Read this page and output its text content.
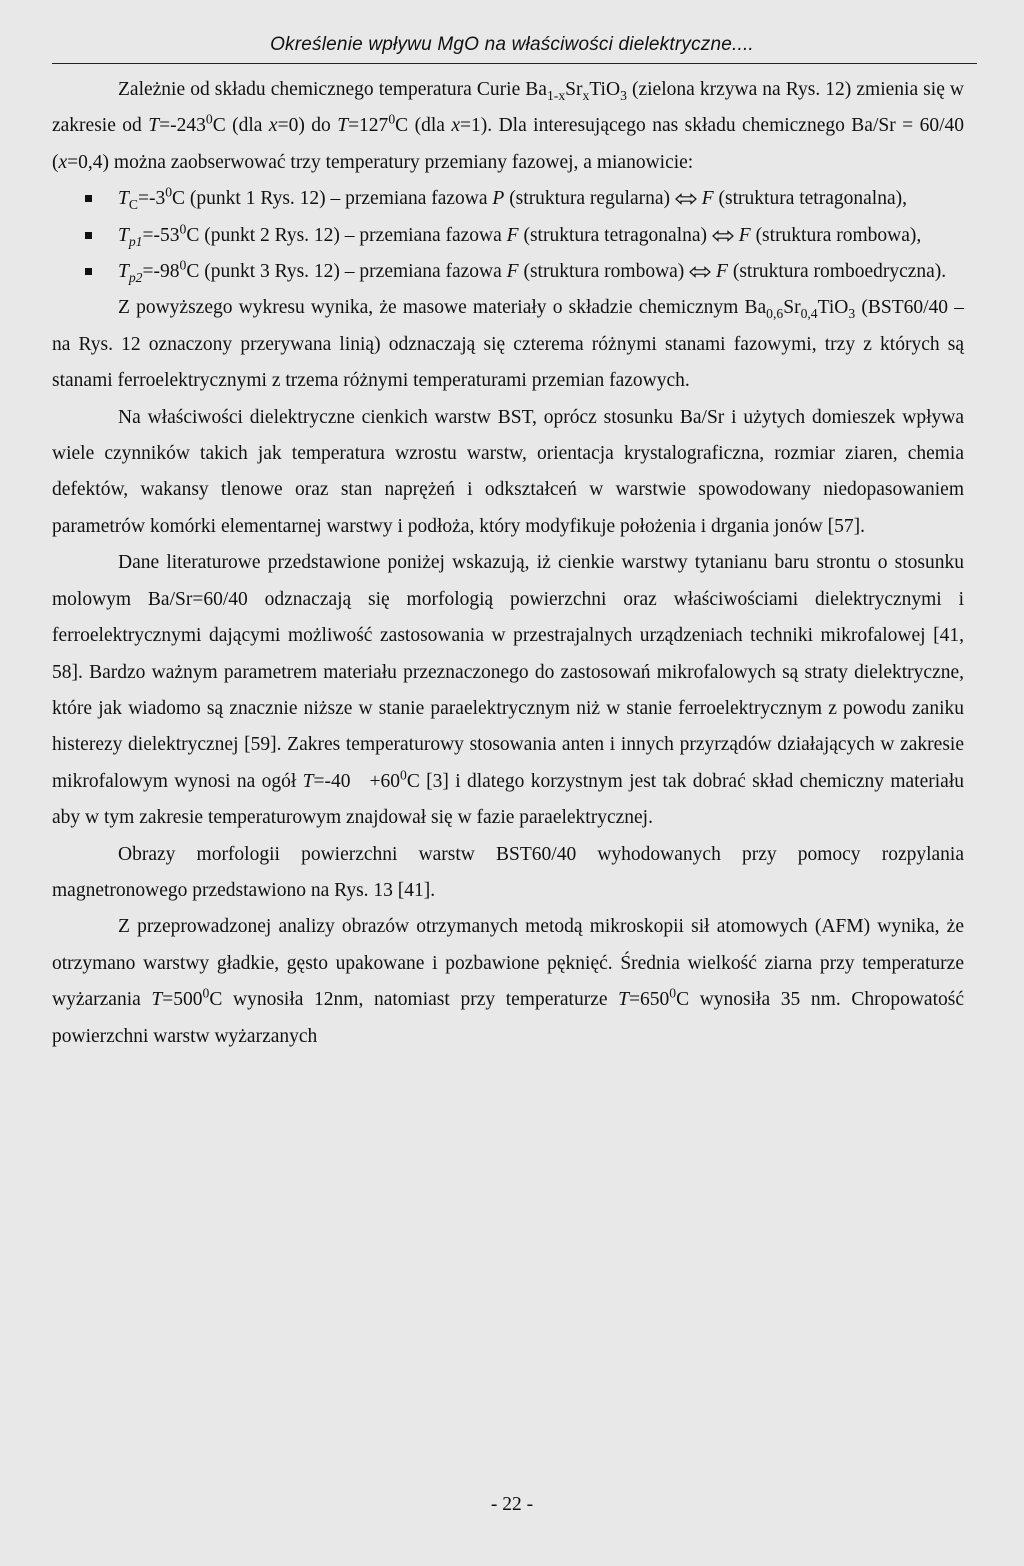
Określenie wpływu MgO na właściwości dielektryczne....

Zależnie od składu chemicznego temperatura Curie $Ba_{1-x}Sr_xTiO_3$ (zielona krzywa na Rys. 12) zmienia się w zakresie od $T=-243^0C$ (dla x=0) do $T=127^0C$ (dla x=1). Dla interesującego nas składu chemicznego Ba/Sr = 60/40 (x=0,4) można zaobserwować trzy temperatury przemiany fazowej, a mianowicie:

$T_C=-3^0C$ (punkt 1 Rys. 12) – przemiana fazowa P (struktura regularna)  F (struktura tetragonalna),
$T_{p1}=-53^0C$ (punkt 2 Rys. 12) – przemiana fazowa F (struktura tetragonalna)  F (struktura rombowa),
$T_{p2}=-98^0C$ (punkt 3 Rys. 12) – przemiana fazowa F (struktura rombowa)  F (struktura romboedryczna).

Z powyższego wykresu wynika, że masowe materiały o składzie chemicznym $Ba_{0,6}Sr_{0,4}TiO_3$ (BST60/40 – na Rys. 12 oznaczony przerywana linią) odznaczają się czterema różnymi stanami fazowymi, trzy z których są stanami ferroelektrycznymi z trzema różnymi temperaturami przemian fazowych.

Na właściwości dielektryczne cienkich warstw BST, oprócz stosunku Ba/Sr i użytych domieszek wpływa wiele czynników takich jak temperatura wzrostu warstw, orientacja krystalograficzna, rozmiar ziaren, chemia defektów, wakansy tlenowe oraz stan naprężeń i odkształceń w warstwie spowodowany niedopasowaniem parametrów komórki elementarnej warstwy i podłoża, który modyfikuje położenia i drgania jonów [57].

Dane literaturowe przedstawione poniżej wskazują, iż cienkie warstwy tytanianu baru strontu o stosunku molowym Ba/Sr=60/40 odznaczają się morfologią powierzchni oraz właściwościami dielektrycznymi i ferroelektrycznymi dającymi możliwość zastosowania w przestrajalnych urządzeniach techniki mikrofalowej [41, 58]. Bardzo ważnym parametrem materiału przeznaczonego do zastosowań mikrofalowych są straty dielektryczne, które jak wiadomo są znacznie niższe w stanie paraelektrycznym niż w stanie ferroelektrycznym z powodu zaniku histerezy dielektrycznej [59]. Zakres temperaturowy stosowania anten i innych przyrządów działających w zakresie mikrofalowym wynosi na ogół $T=-40 +60^0C$ [3] i dlatego korzystnym jest tak dobrać skład chemiczny materiału aby w tym zakresie temperaturowym znajdował się w fazie paraelektrycznej.

Obrazy morfologii powierzchni warstw BST60/40 wyhodowanych przy pomocy rozpylania magnetronowego przedstawiono na Rys. 13 [41].

Z przeprowadzonej analizy obrazów otrzymanych metodą mikroskopii sił atomowych (AFM) wynika, że otrzymano warstwy gładkie, gęsto upakowane i pozbawione pęknięć. Średnia wielkość ziarna przy temperaturze wyżarzania $T=500^0C$ wynosiła 12nm, natomiast przy temperaturze $T=650^0C$ wynosiła 35 nm. Chropowatość powierzchni warstw wyżarzanych

- 22 -
